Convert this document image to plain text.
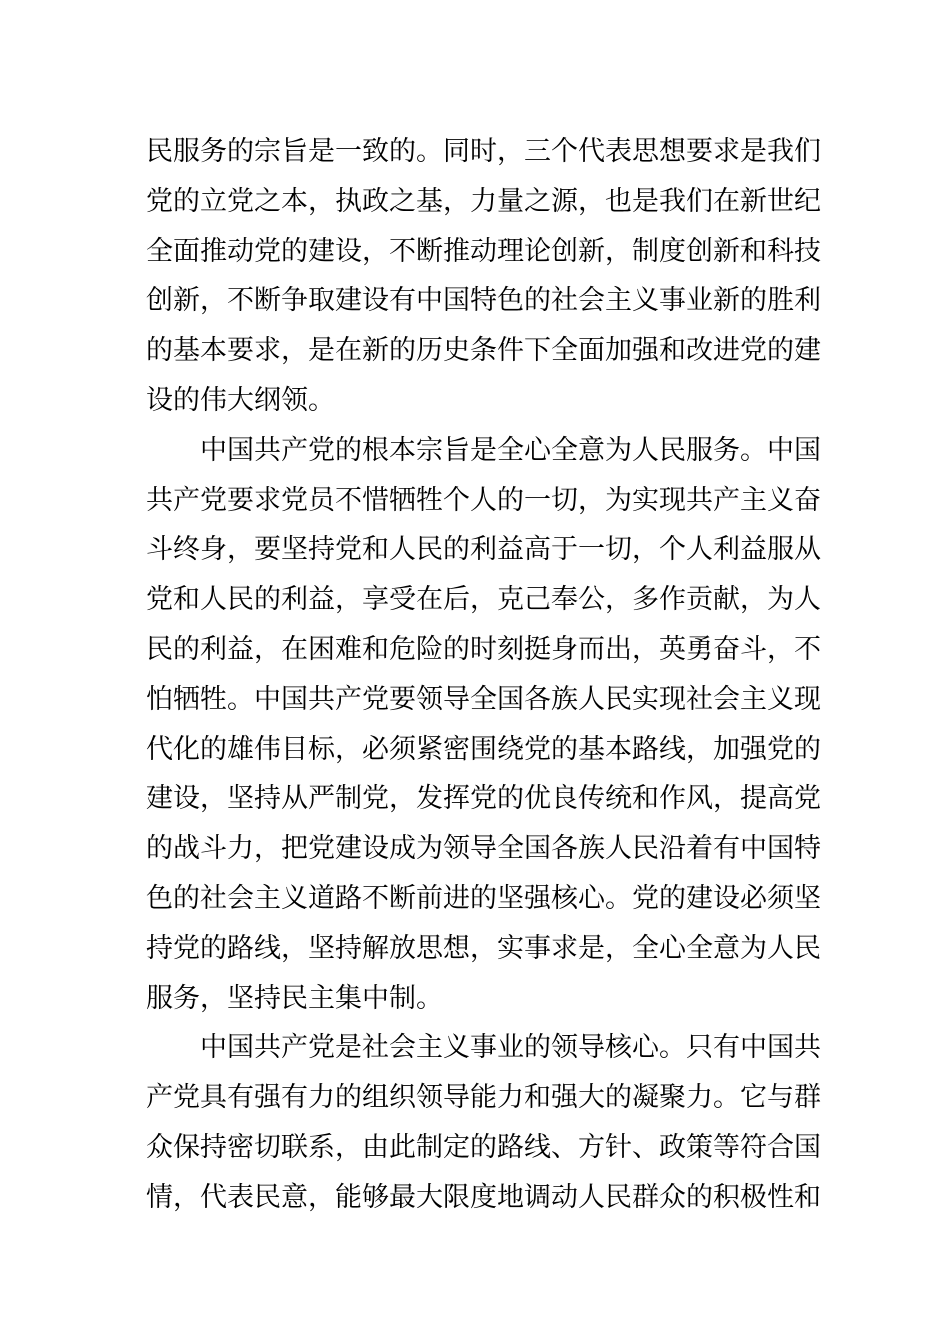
民服务的宗旨是一致的。同时，三个代表思想要求是我们
党的立党之本，执政之基，力量之源，也是我们在新世纪
全面推动党的建设，不断推动理论创新，制度创新和科技
创新，不断争取建设有中国特色的社会主义事业新的胜利
的基本要求，是在新的历史条件下全面加强和改进党的建
设的伟大纲领。
　　中国共产党的根本宗旨是全心全意为人民服务。中国
共产党要求党员不惜牺牲个人的一切，为实现共产主义奋
斗终身，要坚持党和人民的利益高于一切，个人利益服从
党和人民的利益，享受在后，克己奉公，多作贡献，为人
民的利益，在困难和危险的时刻挺身而出，英勇奋斗，不
怕牺牲。中国共产党要领导全国各族人民实现社会主义现
代化的雄伟目标，必须紧密围绕党的基本路线，加强党的
建设，坚持从严制党，发挥党的优良传统和作风，提高党
的战斗力，把党建设成为领导全国各族人民沿着有中国特
色的社会主义道路不断前进的坚强核心。党的建设必须坚
持党的路线，坚持解放思想，实事求是，全心全意为人民
服务，坚持民主集中制。
　　中国共产党是社会主义事业的领导核心。只有中国共
产党具有强有力的组织领导能力和强大的凝聚力。它与群
众保持密切联系，由此制定的路线、方针、政策等符合国
情，代表民意，能够最大限度地调动人民群众的积极性和
